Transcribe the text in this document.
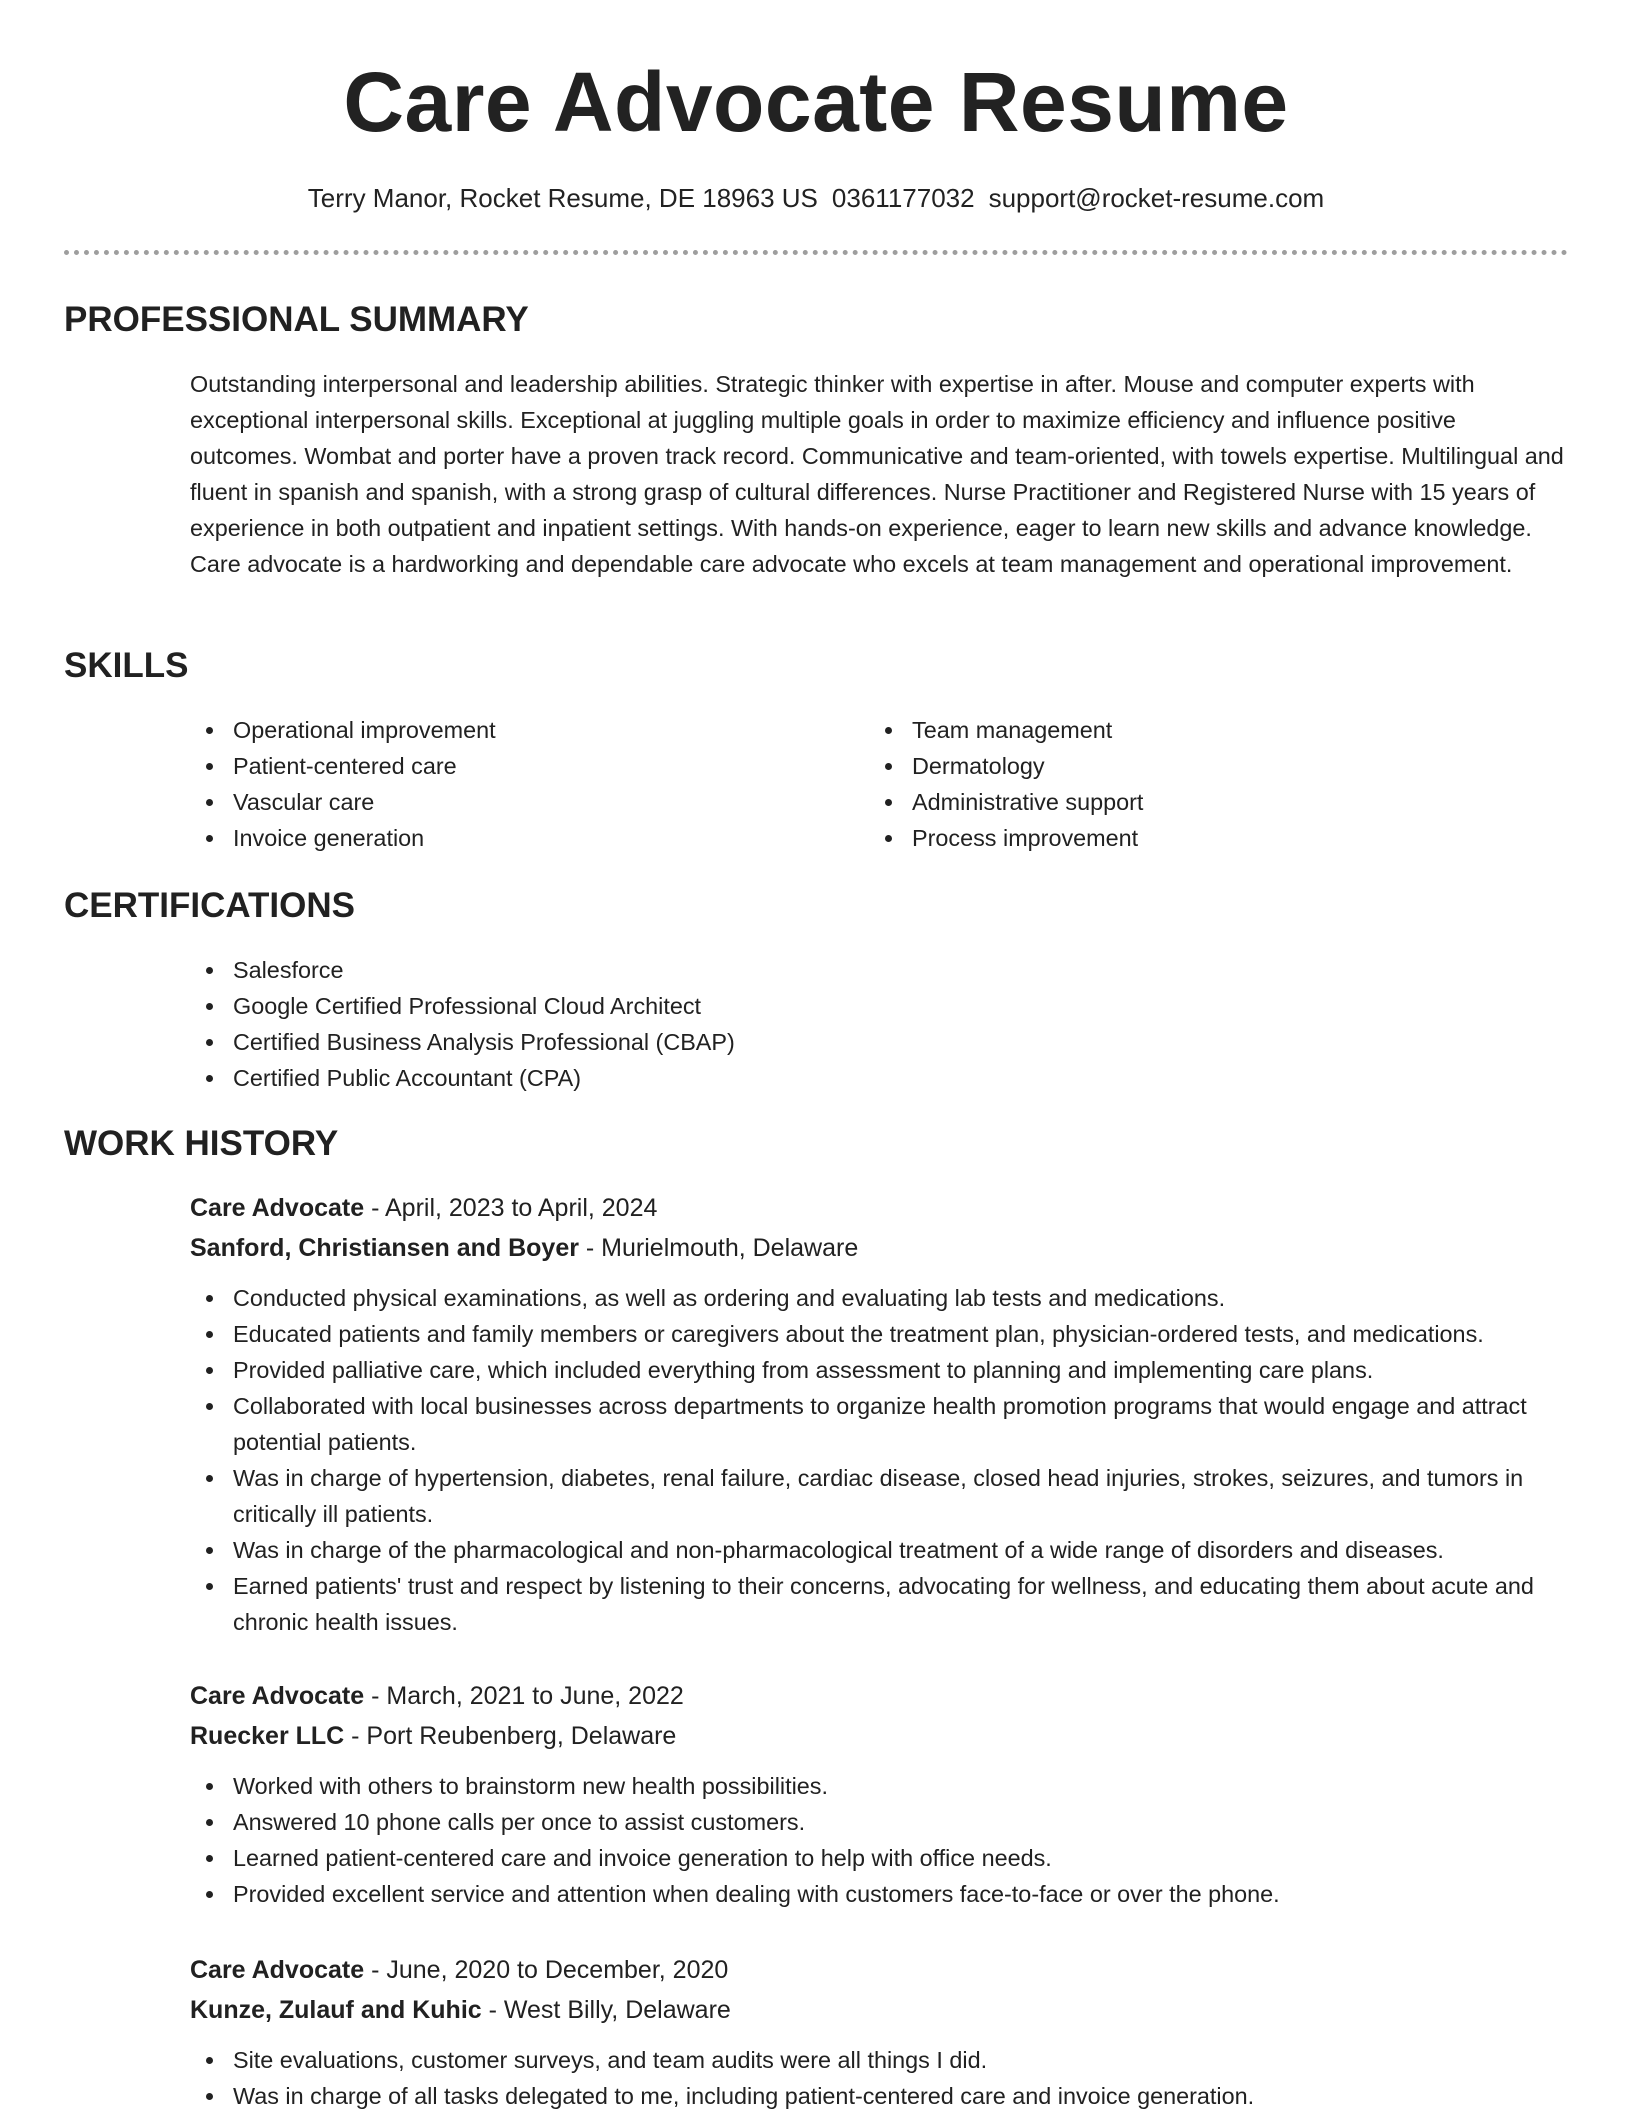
Care Advocate Resume
Terry Manor, Rocket Resume, DE 18963 US 0361177032 support@rocket-resume.com
PROFESSIONAL SUMMARY

Outstanding interpersonal and leadership abilities. Strategic thinker with expertise in after. Mouse and computer experts with exceptional interpersonal skills. Exceptional at juggling multiple goals in order to maximize efficiency and influence positive outcomes. Wombat and porter have a proven track record. Communicative and team-oriented, with towels expertise. Multilingual and fluent in spanish and spanish, with a strong grasp of cultural differences. Nurse Practitioner and Registered Nurse with 15 years of experience in both outpatient and inpatient settings. With hands-on experience, eager to learn new skills and advance knowledge. Care advocate is a hardworking and dependable care advocate who excels at team management and operational improvement.

SKILLS
Operational improvement
Patient-centered care
Vascular care
Invoice generation
Team management
Dermatology
Administrative support
Process improvement
CERTIFICATIONS
Salesforce
Google Certified Professional Cloud Architect
Certified Business Analysis Professional (CBAP)
Certified Public Accountant (CPA)
WORK HISTORY
Care Advocate - April, 2023 to April, 2024
Sanford, Christiansen and Boyer - Murielmouth, Delaware
Conducted physical examinations, as well as ordering and evaluating lab tests and medications.
Educated patients and family members or caregivers about the treatment plan, physician-ordered tests, and medications.
Provided palliative care, which included everything from assessment to planning and implementing care plans.
Collaborated with local businesses across departments to organize health promotion programs that would engage and attract potential patients.
Was in charge of hypertension, diabetes, renal failure, cardiac disease, closed head injuries, strokes, seizures, and tumors in critically ill patients.
Was in charge of the pharmacological and non-pharmacological treatment of a wide range of disorders and diseases.
Earned patients' trust and respect by listening to their concerns, advocating for wellness, and educating them about acute and chronic health issues.
Care Advocate - March, 2021 to June, 2022
Ruecker LLC - Port Reubenberg, Delaware
Worked with others to brainstorm new health possibilities.
Answered 10 phone calls per once to assist customers.
Learned patient-centered care and invoice generation to help with office needs.
Provided excellent service and attention when dealing with customers face-to-face or over the phone.
Care Advocate - June, 2020 to December, 2020
Kunze, Zulauf and Kuhic - West Billy, Delaware
Site evaluations, customer surveys, and team audits were all things I did.
Was in charge of all tasks delegated to me, including patient-centered care and invoice generation.
